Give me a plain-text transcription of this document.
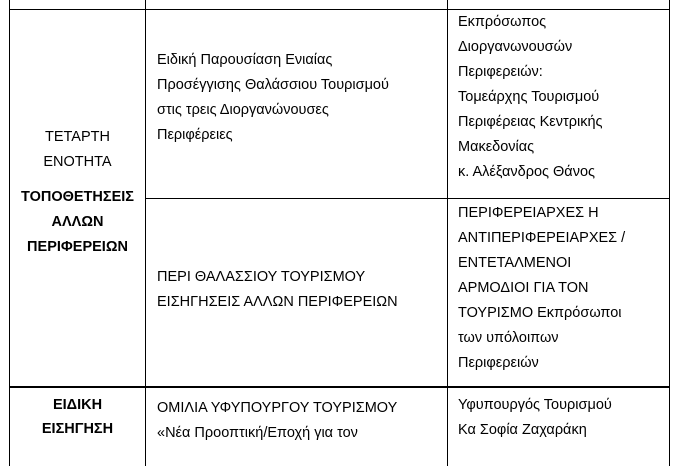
ΤΕΤΑΡΤΗ
ΕΝΟΤΗΤΑ
ΤΟΠΟΘΕΤΗΣΕΙΣ
ΑΛΛΩΝ
ΠΕΡΙΦΕΡΕΙΩΝ
Ειδική Παρουσίαση Ενιαίας
Προσέγγισης Θαλάσσιου Τουρισμού
στις τρεις Διοργανώνουσες
Περιφέρειες
Εκπρόσωπος
Διοργανωνουσών
Περιφερειών:
Τομεάρχης Τουρισμού
Περιφέρειας Κεντρικής
Μακεδονίας
κ. Αλέξανδρος Θάνος
ΠΕΡΙ ΘΑΛΑΣΣΙΟΥ ΤΟΥΡΙΣΜΟΥ
ΕΙΣΗΓΗΣΕΙΣ ΑΛΛΩΝ ΠΕΡΙΦΕΡΕΙΩΝ
ΠΕΡΙΦΕΡΕΙΑΡΧΕΣ Η
ΑΝΤΙΠΕΡΙΦΕΡΕΙΑΡΧΕΣ /
ΕΝΤΕΤΑΛΜΕΝΟΙ
ΑΡΜΟΔΙΟΙ ΓΙΑ ΤΟΝ
ΤΟΥΡΙΣΜΟ Εκπρόσωποι
των υπόλοιπων
Περιφερειών
ΕΙΔΙΚΗ
ΕΙΣΗΓΗΣΗ
ΟΜΙΛΙΑ ΥΦΥΠΟΥΡΓΟΥ ΤΟΥΡΙΣΜΟΥ
«Νέα Προοπτική/Εποχή για τον
Υφυπουργός Τουρισμού
Κα Σοφία Ζαχαράκη
